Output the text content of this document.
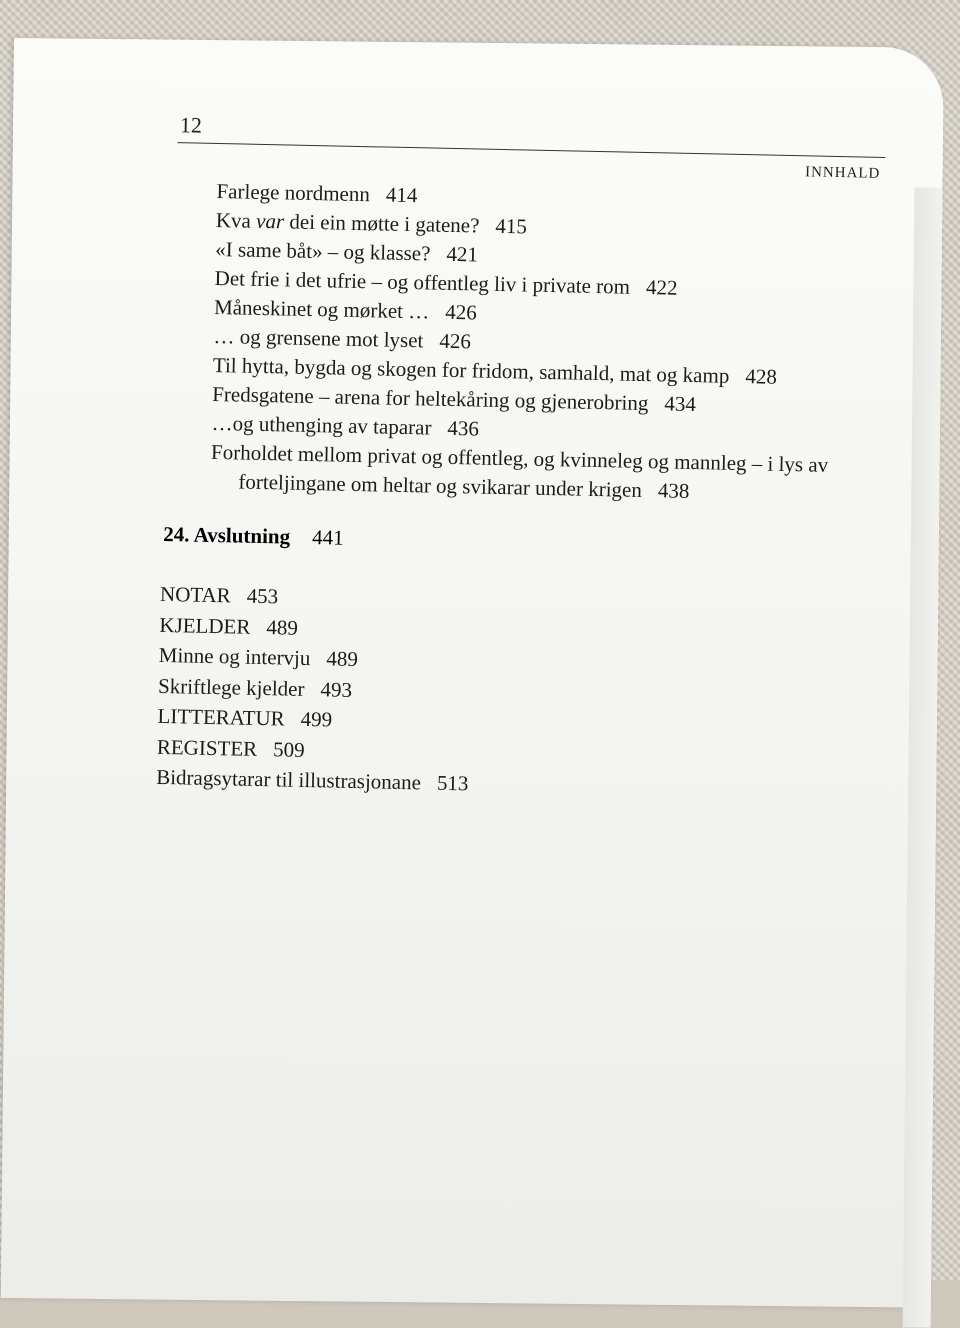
12
INNHALD
Farlege nordmenn 414
Kva var dei ein møtte i gatene? 415
«I same båt» – og klasse? 421
Det frie i det ufrie – og offentleg liv i private rom 422
Måneskinet og mørket … 426
… og grensene mot lyset 426
Til hytta, bygda og skogen for fridom, samhald, mat og kamp 428
Fredsgatene – arena for heltekåring og gjenerobring 434
…og uthenging av taparar 436
Forholdet mellom privat og offentleg, og kvinneleg og mannleg – i lys av
forteljingane om heltar og svikarar under krigen 438
24. Avslutning 441
NOTAR 453
KJELDER 489
Minne og intervju 489
Skriftlege kjelder 493
LITTERATUR 499
REGISTER 509
Bidragsytarar til illustrasjonane 513
